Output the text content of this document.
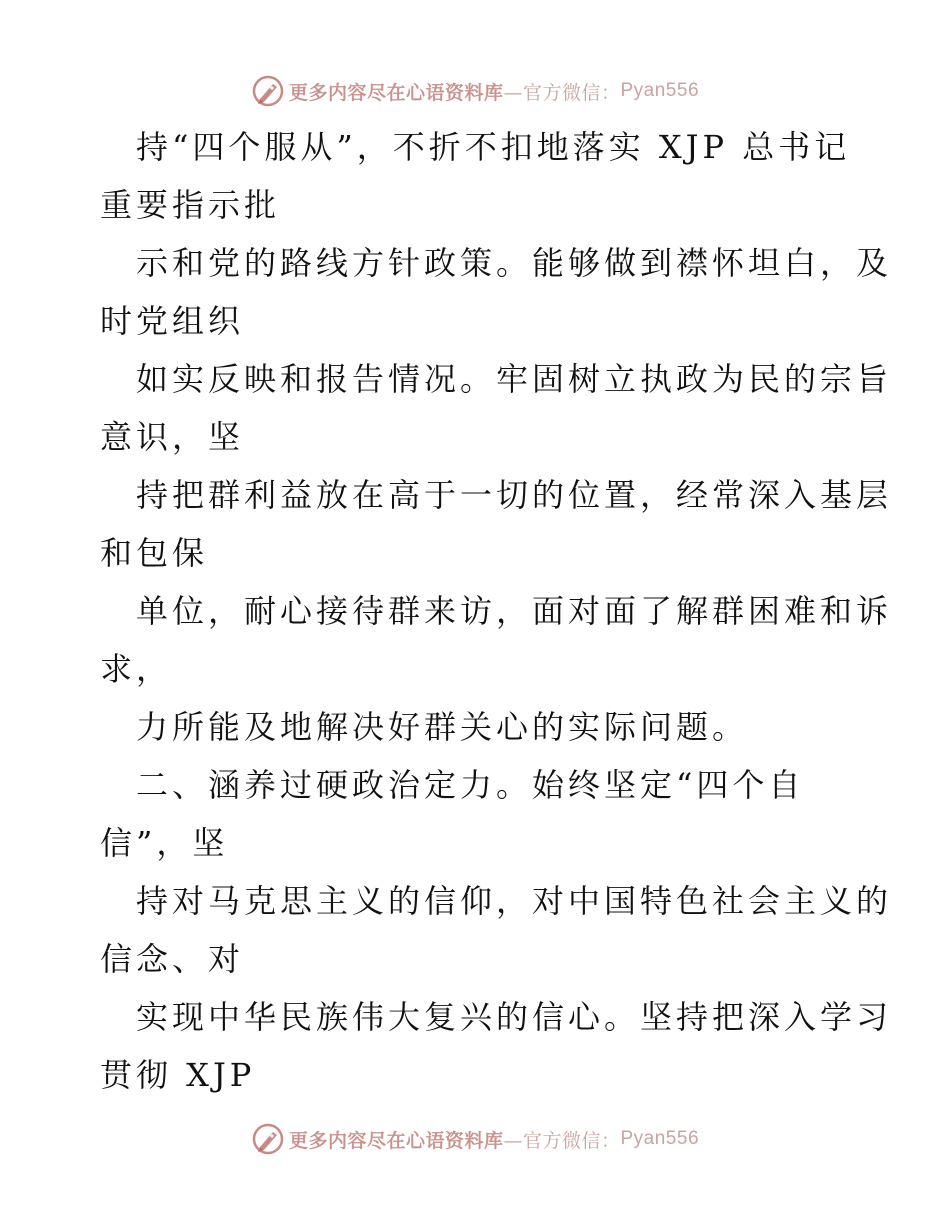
更多内容尽在心语资料库 —官方微信： Pyan556
持“四个服从”，不折不扣地落实 XJP 总书记
重要指示批
示和党的路线方针政策。能够做到襟怀坦白，及
时党组织
如实反映和报告情况。牢固树立执政为民的宗旨
意识，坚
持把群利益放在高于一切的位置，经常深入基层
和包保
单位，耐心接待群来访，面对面了解群困难和诉
求，
力所能及地解决好群关心的实际问题。
二、涵养过硬政治定力。始终坚定“四个自
信”，坚
持对马克思主义的信仰，对中国特色社会主义的
信念、对
实现中华民族伟大复兴的信心。坚持把深入学习
贯彻 XJP
更多内容尽在心语资料库 —官方微信： Pyan556
